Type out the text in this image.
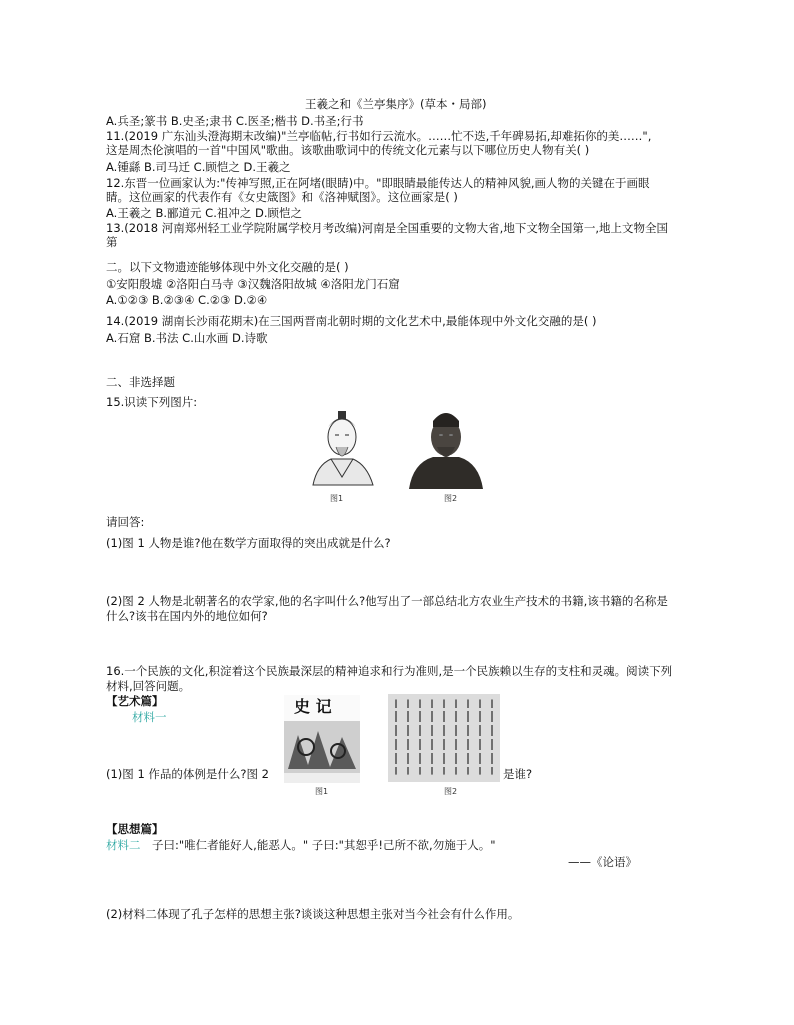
王羲之和《兰亭集序》(草本・局部)
A.兵圣;篆书 B.史圣;隶书 C.医圣;楷书 D.书圣;行书
11.(2019 广东汕头澄海期末改编)"兰亭临帖,行书如行云流水。……忙不迭,千年碑易拓,却难拓你的美……",
这是周杰伦演唱的一首"中国风"歌曲。该歌曲歌词中的传统文化元素与以下哪位历史人物有关( )
A.锺繇 B.司马迁 C.顾恺之 D.王羲之
12.东晋一位画家认为:"传神写照,正在阿堵(眼睛)中。"即眼睛最能传达人的精神风貌,画人物的关键在于画眼
睛。这位画家的代表作有《女史箴图》和《洛神赋图》。这位画家是( )
A.王羲之 B.郦道元 C.祖冲之 D.顾恺之
13.(2018 河南郑州轻工业学院附属学校月考改编)河南是全国重要的文物大省,地下文物全国第一,地上文物全国
第
二。以下文物遗迹能够体现中外文化交融的是( )
①安阳殷墟 ②洛阳白马寺 ③汉魏洛阳故城 ④洛阳龙门石窟
A.①②③ B.②③④ C.②③ D.②④
14.(2019 湖南长沙雨花期末)在三国两晋南北朝时期的文化艺术中,最能体现中外文化交融的是( )
A.石窟 B.书法 C.山水画 D.诗歌
二、非选择题
15.识读下列图片:
图1	图2
请回答:
(1)图 1 人物是谁?他在数学方面取得的突出成就是什么?
(2)图 2 人物是北朝著名的农学家,他的名字叫什么?他写出了一部总结北方农业生产技术的书籍,该书籍的名称是
什么?该书在国内外的地位如何?
16.一个民族的文化,积淀着这个民族最深层的精神追求和行为准则,是一个民族赖以生存的支柱和灵魂。阅读下列
材料,回答问题。
【艺术篇】
材料一
史 记
(1)图 1 作品的体例是什么?图 2	是谁?
图1	图2
【思想篇】
材料二 子曰:"唯仁者能好人,能恶人。" 子曰:"其恕乎!己所不欲,勿施于人。"
——《论语》
(2)材料二体现了孔子怎样的思想主张?谈谈这种思想主张对当今社会有什么作用。
